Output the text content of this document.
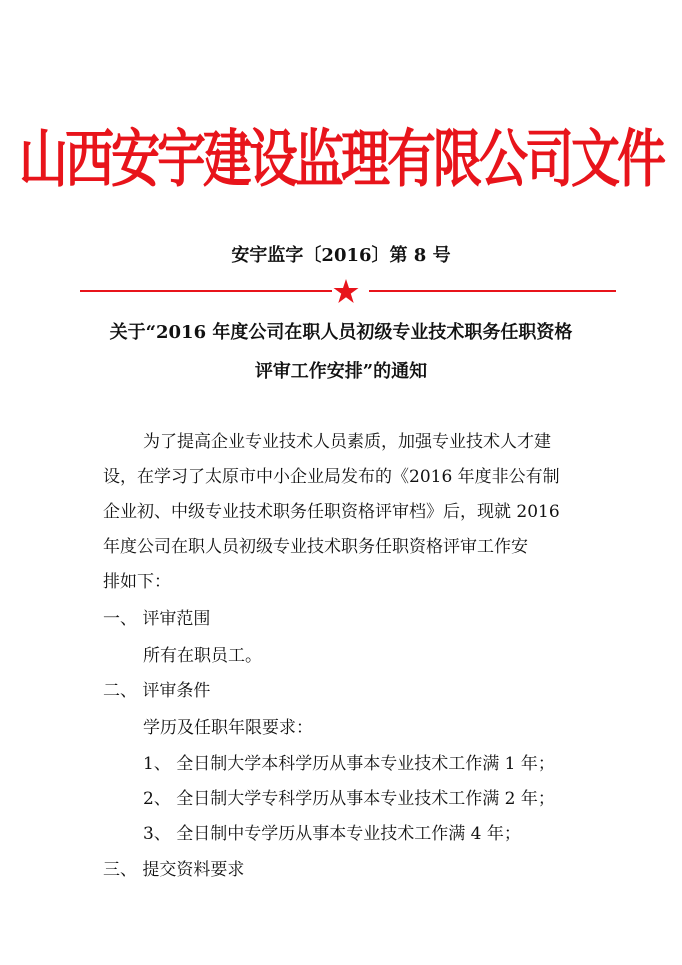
山西安宇建设监理有限公司文件
安宇监字〔2016〕第 8 号
关于“2016 年度公司在职人员初级专业技术职务任职资格
评审工作安排”的通知
为了提高企业专业技术人员素质，加强专业技术人才建
设，在学习了太原市中小企业局发布的《2016 年度非公有制
企业初、中级专业技术职务任职资格评审档》后，现就 2016
年度公司在职人员初级专业技术职务任职资格评审工作安
排如下：
一、 评审范围
所有在职员工。
二、 评审条件
学历及任职年限要求：
1、 全日制大学本科学历从事本专业技术工作满 1 年；
2、 全日制大学专科学历从事本专业技术工作满 2 年；
3、 全日制中专学历从事本专业技术工作满 4 年；
三、 提交资料要求
